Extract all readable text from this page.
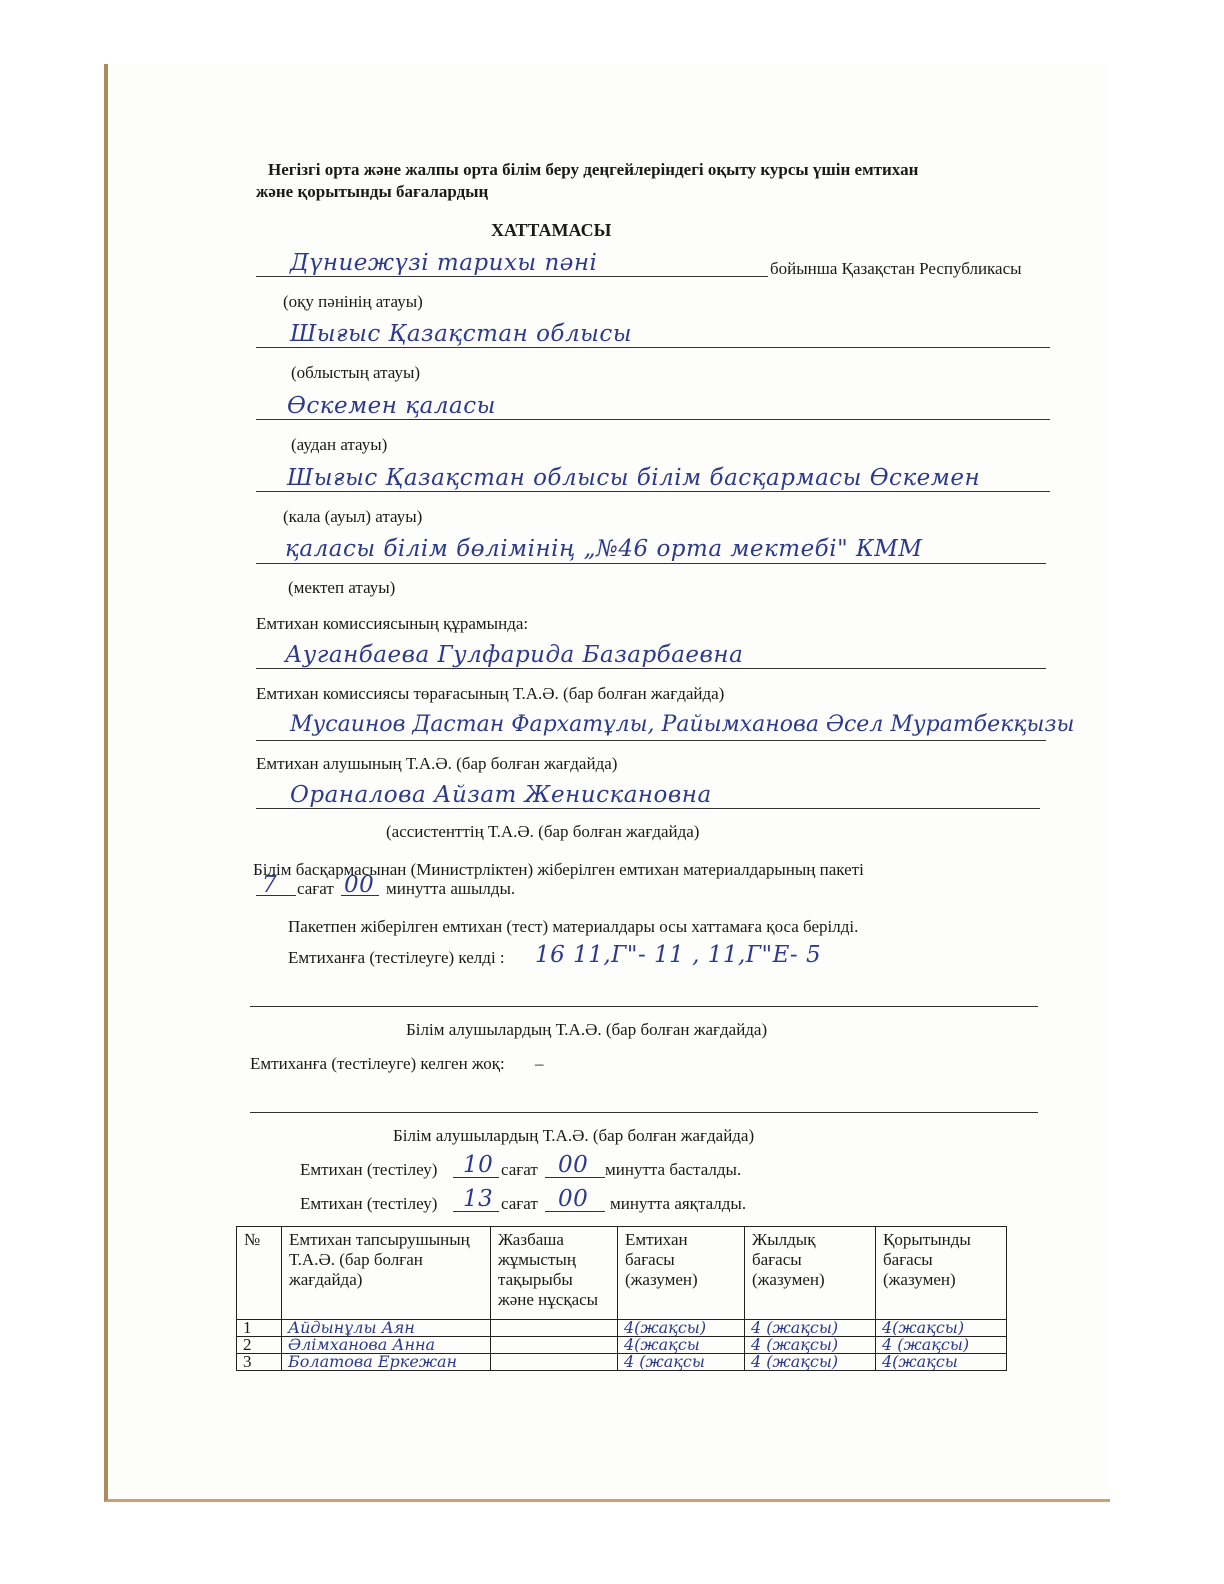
Негізгі орта және жалпы орта білім беру деңгейлеріндегі оқыту курсы үшін емтихан
және қорытынды бағалардың
ХАТТАМАСЫ
Дүниежүзі тарихы пәні	бойынша Қазақстан Республикасы
(оқу пәнінің атауы)
Шығыс Қазақстан облысы
(облыстың атауы)
Өскемен қаласы
(аудан атауы)
Шығыс Қазақстан облысы білім басқармасы Өскемен
(кала (ауыл) атауы)
қаласы білім бөлімінің „№46 орта мектебі" КММ
(мектеп атауы)
Емтихан комиссиясының құрамында:
Ауганбаева Гулфарида Базарбаевна
Емтихан комиссиясы төрағасының Т.А.Ә. (бар болған жағдайда)
Мусаинов Дастан Фархатұлы, Райымханова Әсел Муратбекқызы
Емтихан алушының Т.А.Ә. (бар болған жағдайда)
Ораналова Айзат Жениcкановна
(ассистенттің Т.А.Ә. (бар болған жағдайда)
Білім басқармасынан (Министрліктен) жіберілген емтихан материалдарының пакеті
7 сағат 00 минутта ашылды.
Пакетпен жіберілген емтихан (тест) материалдары осы хаттамаға қоса берілді.
Емтиханға (тестілеуге) келді : 16 11,Г"- 11 , 11,Г"Е- 5
Білім алушылардың Т.А.Ә. (бар болған жағдайда)
Емтиханға (тестілеуге) келген жоқ: –
Білім алушылардың Т.А.Ә. (бар болған жағдайда)
Емтихан (тестілеу) 10 сағат 00 минутта басталды.
Емтихан (тестілеу) 13 сағат 00 минутта аяқталды.
№	Емтихан тапсырушының Т.А.Ә. (бар болған жағдайда)	Жазбаша жұмыстың тақырыбы және нұсқасы	Емтихан бағасы (жазумен)	Жылдық бағасы (жазумен)	Қорытынды бағасы (жазумен)
1	Айдынұлы Аян		4(жақсы)	4 (жақсы)	4(жақсы)
2	Әлімханова Анна		4(жақсы	4 (жақсы)	4 (жақсы)
3	Болатова Еркежан		4 (жақсы	4 (жақсы)	4(жақсы
